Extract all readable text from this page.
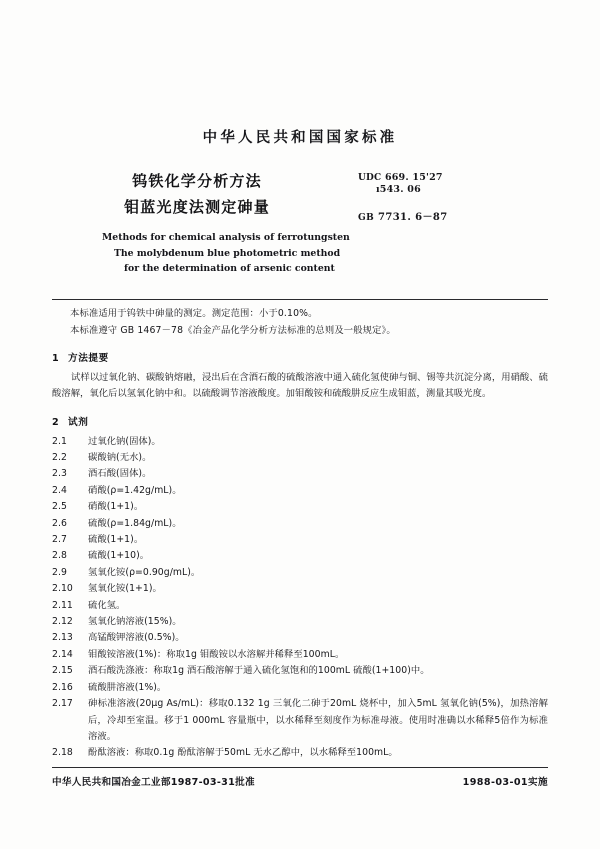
中华人民共和国国家标准
钨铁化学分析方法
钼蓝光度法测定砷量
UDC 669. 15'27
ı543. 06
GB 7731. 6－87
Methods for chemical analysis of ferrotungsten
The molybdenum blue photometric method
for the determination of arsenic content
本标准适用于钨铁中砷量的测定。测定范围：小于0.10%。
本标准遵守 GB 1467－78《冶金产品化学分析方法标准的总则及一般规定》。
1 方法提要
试样以过氧化钠、碳酸钠熔融，浸出后在含酒石酸的硫酸溶液中通入硫化氢使砷与铜、锡等共沉淀分离，用硝酸、硫酸溶解，氧化后以氢氧化钠中和。以硫酸调节溶液酸度。加钼酸铵和硫酸肼反应生成钼蓝，测量其吸光度。
2 试剂
2.1 过氧化钠(固体)。
2.2 碳酸钠(无水)。
2.3 酒石酸(固体)。
2.4 硝酸(ρ=1.42g/mL)。
2.5 硝酸(1+1)。
2.6 硫酸(ρ=1.84g/mL)。
2.7 硫酸(1+1)。
2.8 硫酸(1+10)。
2.9 氢氧化铵(ρ=0.90g/mL)。
2.10 氢氧化铵(1+1)。
2.11 硫化氢。
2.12 氢氧化钠溶液(15%)。
2.13 高锰酸钾溶液(0.5%)。
2.14 钼酸铵溶液(1%)：称取1g 钼酸铵以水溶解并稀释至100mL。
2.15 酒石酸洗涤液：称取1g 酒石酸溶解于通入硫化氢饱和的100mL 硫酸(1+100)中。
2.16 硫酸肼溶液(1%)。
2.17 砷标准溶液(20μg As/mL)：移取0.132 1g 三氧化二砷于20mL 烧杯中，加入5mL 氢氧化钠(5%)，加热溶解后，冷却至室温。移于1 000mL 容量瓶中，以水稀释至刻度作为标准母液。使用时准确以水稀释5倍作为标准溶液。
2.18 酚酞溶液：称取0.1g 酚酞溶解于50mL 无水乙醇中，以水稀释至100mL。
中华人民共和国冶金工业部1987-03-31批准	1988-03-01实施
